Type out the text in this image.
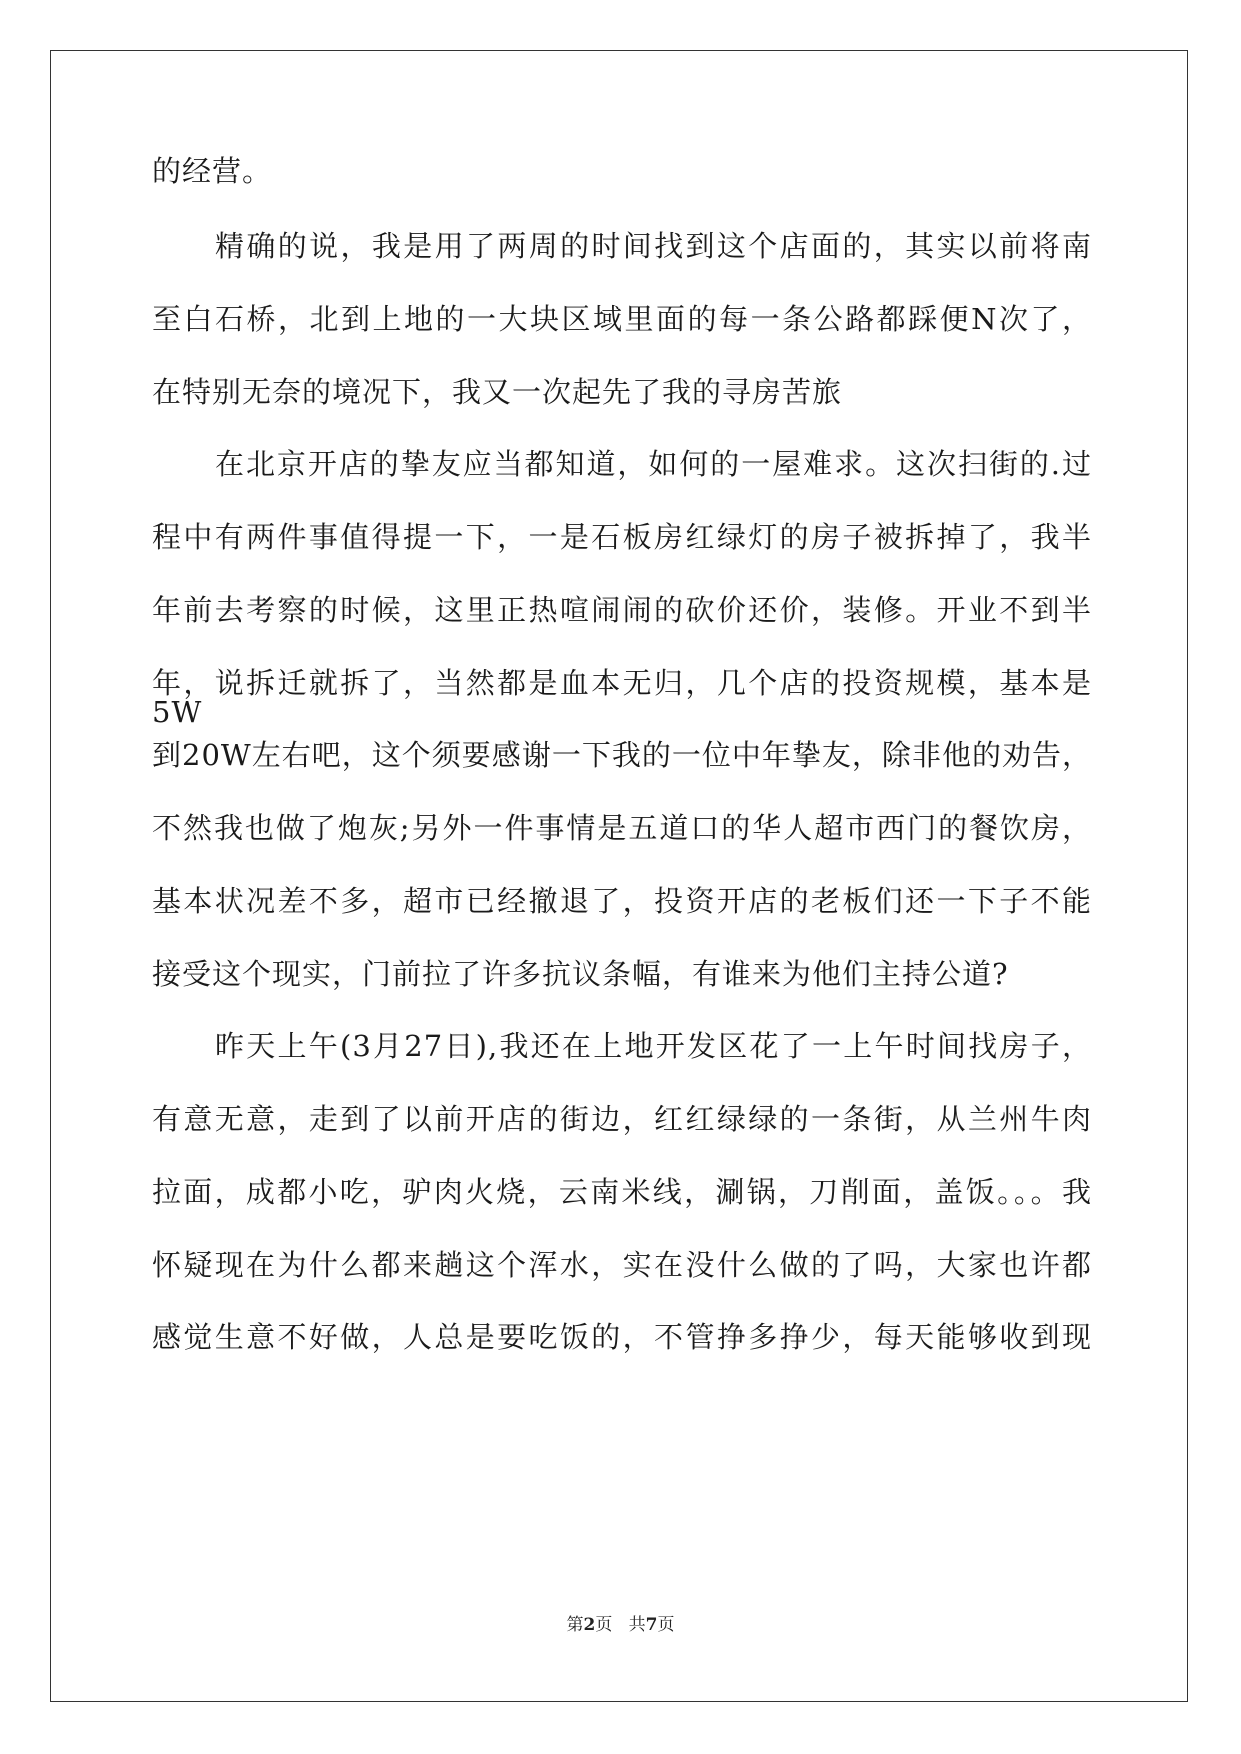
的经营。
精确的说，我是用了两周的时间找到这个店面的，其实以前将南
至白石桥，北到上地的一大块区域里面的每一条公路都踩便N次了，
在特别无奈的境况下，我又一次起先了我的寻房苦旅
在北京开店的挚友应当都知道，如何的一屋难求。这次扫街的.过
程中有两件事值得提一下，一是石板房红绿灯的房子被拆掉了，我半
年前去考察的时候，这里正热喧闹闹的砍价还价，装修。开业不到半
年，说拆迁就拆了，当然都是血本无归，几个店的投资规模，基本是5W
到20W左右吧，这个须要感谢一下我的一位中年挚友，除非他的劝告，
不然我也做了炮灰;另外一件事情是五道口的华人超市西门的餐饮房，
基本状况差不多，超市已经撤退了，投资开店的老板们还一下子不能
接受这个现实，门前拉了许多抗议条幅，有谁来为他们主持公道?
昨天上午(3月27日),我还在上地开发区花了一上午时间找房子，
有意无意，走到了以前开店的街边，红红绿绿的一条街，从兰州牛肉
拉面，成都小吃，驴肉火烧，云南米线，涮锅，刀削面，盖饭。。。我
怀疑现在为什么都来趟这个浑水，实在没什么做的了吗，大家也许都
感觉生意不好做，人总是要吃饭的，不管挣多挣少，每天能够收到现
第2页   共7页
